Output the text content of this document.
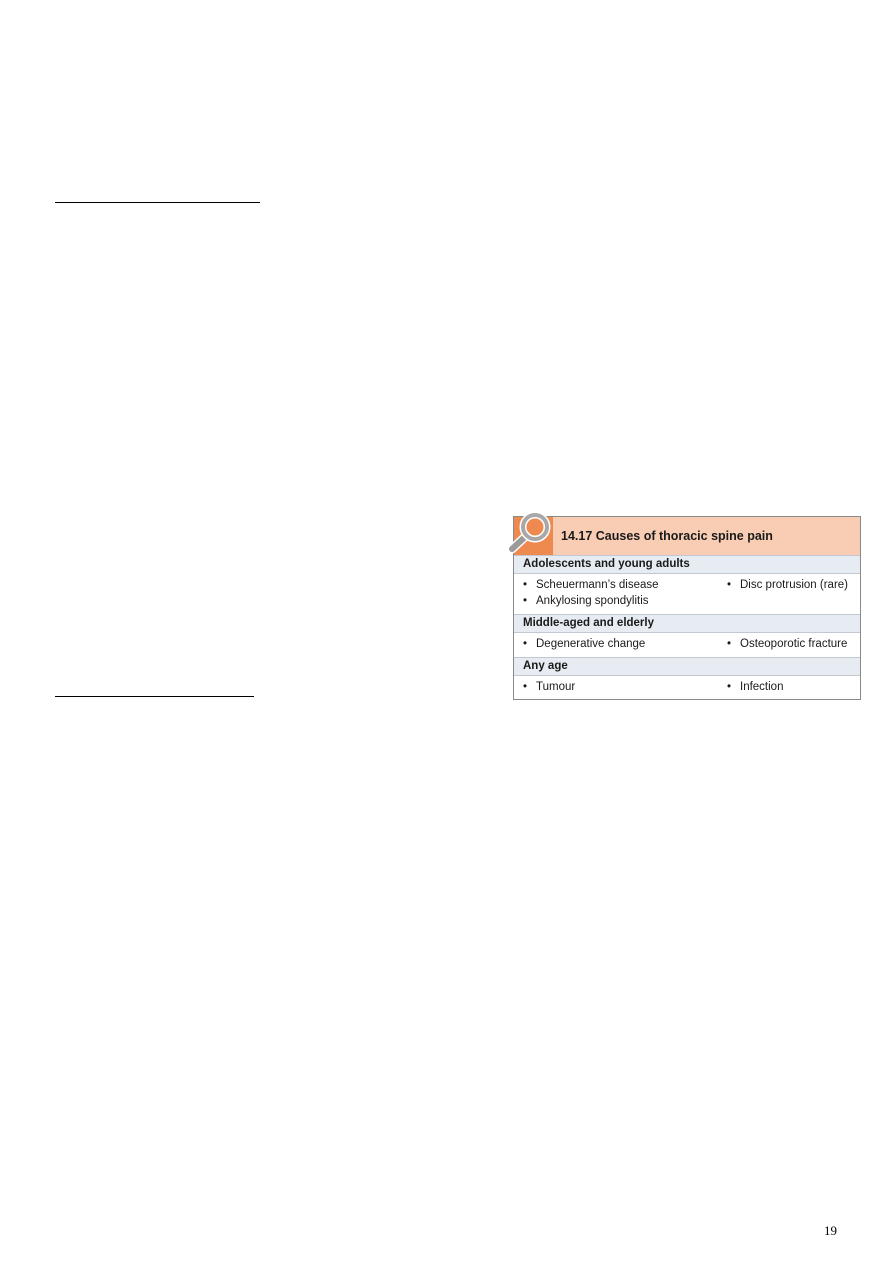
14.17 Causes of thoracic spine pain
Adolescents and young adults
• Scheuermann’s disease
• Ankylosing spondylitis
• Disc protrusion (rare)
Middle-aged and elderly
• Degenerative change	• Osteoporotic fracture
Any age
• Tumour	• Infection
19
